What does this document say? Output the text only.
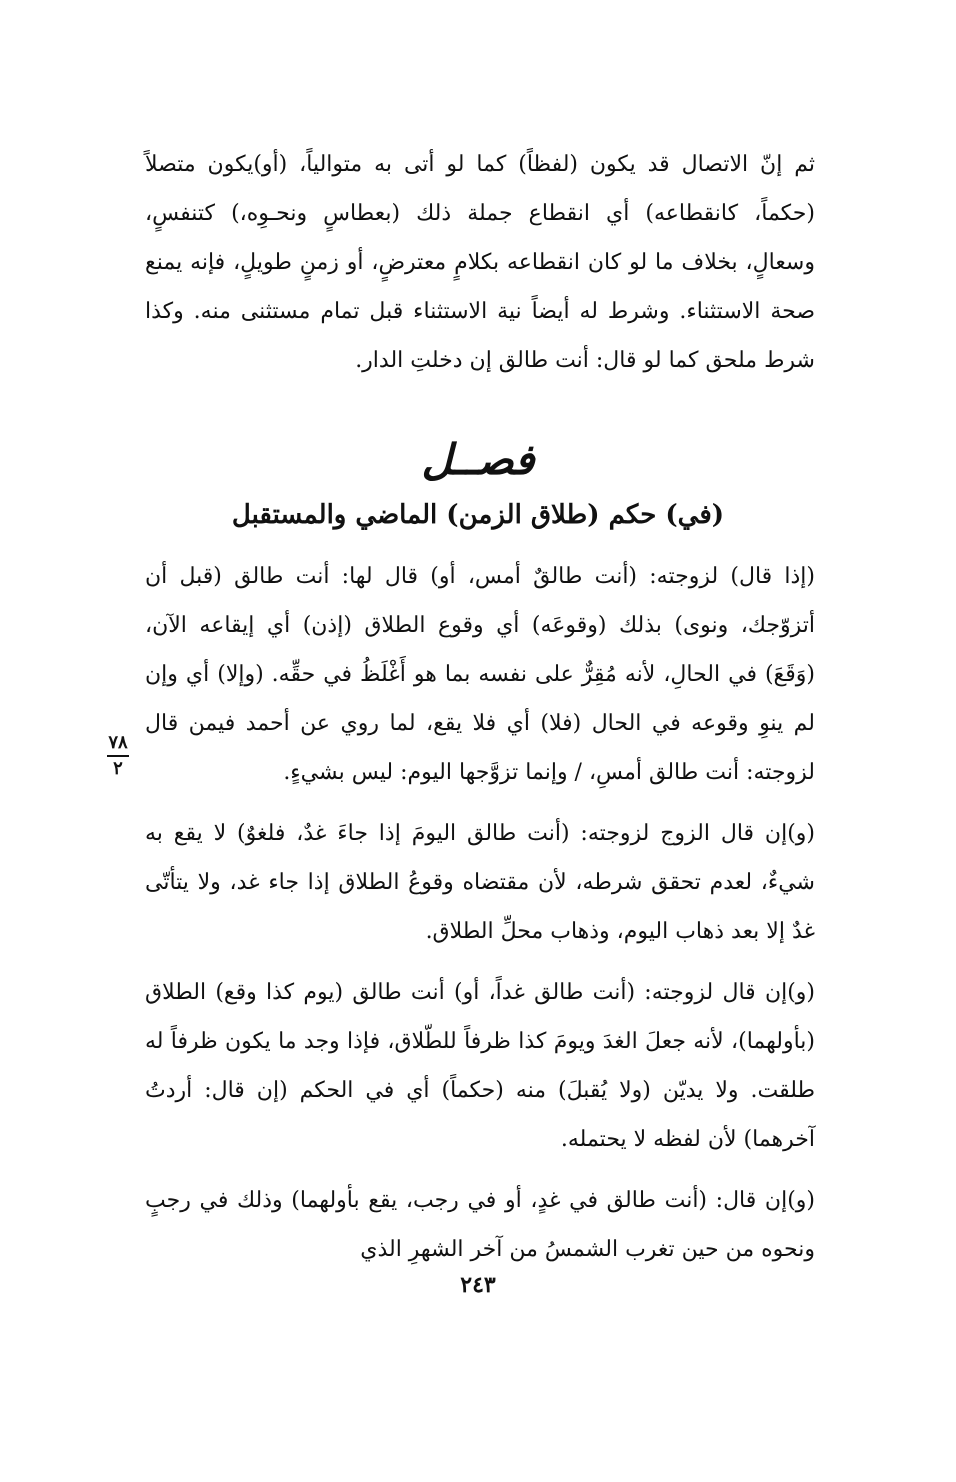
ثم إنّ الاتصال قد يكون (لفظاً) كما لو أتى به متوالياً، (أو)يكون متصلاً (حكماً، كانقطاعه) أي انقطاع جملة ذلك (بعطاسٍ ونحـوِه،) كتنفسٍ، وسعالٍ، بخلاف ما لو كان انقطاعه بكلامٍ معترضٍ، أو زمنٍ طويلٍ، فإنه يمنع صحة الاستثناء. وشرط له أيضاً نية الاستثناء قبل تمام مستثنى منه. وكذا شرط ملحق كما لو قال: أنت طالق إن دخلتِ الدار.

فصــل
(في) حكم (طلاق الزمن) الماضي والمستقبل

(إذا قال) لزوجته: (أنت طالقٌ أمس، أو) قال لها: أنت طالق (قبل أن أتزوّجك، ونوى) بذلك (وقوعَه) أي وقوع الطلاق (إذن) أي إيقاعه الآن، (وَقَعَ) في الحالِ، لأنه مُقِرٌّ على نفسه بما هو أَغْلَظُ في حقِّه. (وإلا) أي وإن لم ينوِ وقوعه في الحال (فلا) أي فلا يقع، لما روي عن أحمد فيمن قال لزوجته: أنت طالق أمسِ، / وإنما تزوَّجها اليوم: ليس بشيءٍ.

(و)إن قال الزوج لزوجته: (أنت طالق اليومَ إذا جاءَ غدٌ، فلغوٌ) لا يقع به شيءٌ، لعدم تحقق شرطه، لأن مقتضاه وقوعُ الطلاق إذا جاء غد، ولا يتأتّى غدٌ إلا بعد ذهاب اليوم، وذهاب محلِّ الطلاق.

(و)إن قال لزوجته: (أنت طالق غداً، أو) أنت طالق (يوم كذا وقع) الطلاق (بأولهما)، لأنه جعلَ الغدَ ويومَ كذا ظرفاً للطّلاق، فإذا وجد ما يكون ظرفاً له طلقت. ولا يديّن (ولا يُقبلَ) منه (حكماً) أي في الحكم (إن قال: أردتُ آخرهما) لأن لفظه لا يحتمله.

(و)إن قال: (أنت طالق في غدٍ، أو في رجب، يقع بأولهما) وذلك في رجبٍ ونحوه من حين تغرب الشمسُ من آخر الشهرِ الذي

٧٨
٢
٢٤٣
